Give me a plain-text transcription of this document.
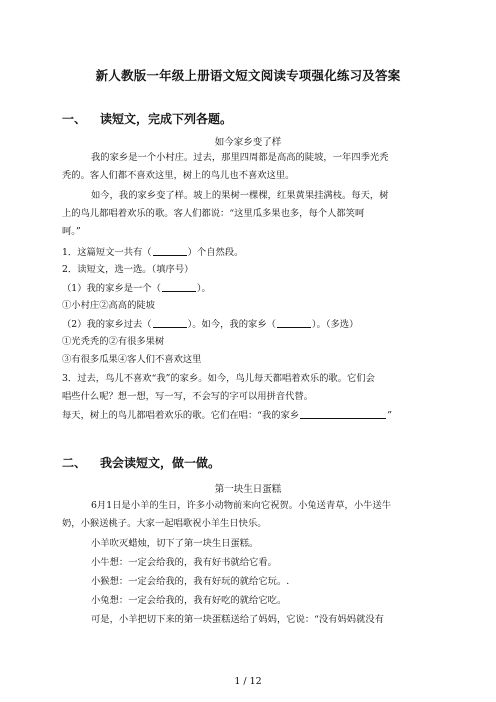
新人教版一年级上册语文短文阅读专项强化练习及答案
一、 读短文，完成下列各题。
如今家乡变了样
我的家乡是一个小村庄。过去，那里四周都是高高的陡坡，一年四季光秃
秃的。客人们都不喜欢这里，树上的鸟儿也不喜欢这里。
如今，我的家乡变了样。坡上的果树一棵棵，红果黄果挂满枝。每天，树
上的鸟儿都唱着欢乐的歌。客人们都说：“这里瓜多果也多，每个人都笑呵
呵。”
1．这篇短文一共有（	）个自然段。
2．读短文，选一选。（填序号）
（1）我的家乡是一个（	）。
①小村庄②高高的陡坡
（2）我的家乡过去（	）。如今，我的家乡（	）。（多选）
①光秃秃的②有很多果树
③有很多瓜果④客人们不喜欢这里
3．过去，鸟儿不喜欢“我”的家乡。如今，鸟儿每天都唱着欢乐的歌。它们会
唱些什么呢？想一想，写一写，不会写的字可以用拼音代替。
每天，树上的鸟儿都唱着欢乐的歌。它们在唱：“我的家乡	”
二、 我会读短文，做一做。
第一块生日蛋糕
6月1日是小羊的生日，许多小动物前来向它祝贺。小兔送青草，小牛送牛
奶，小猴送桃子。大家一起唱歌祝小羊生日快乐。
小羊吹灭蜡烛，切下了第一块生日蛋糕。
小牛想：一定会给我的，我有好书就给它看。
小猴想：一定会给我的，我有好玩的就给它玩。.
小兔想：一定会给我的，我有好吃的就给它吃。
可是，小羊把切下来的第一块蛋糕送给了妈妈，它说：“没有妈妈就没有
1 / 12
